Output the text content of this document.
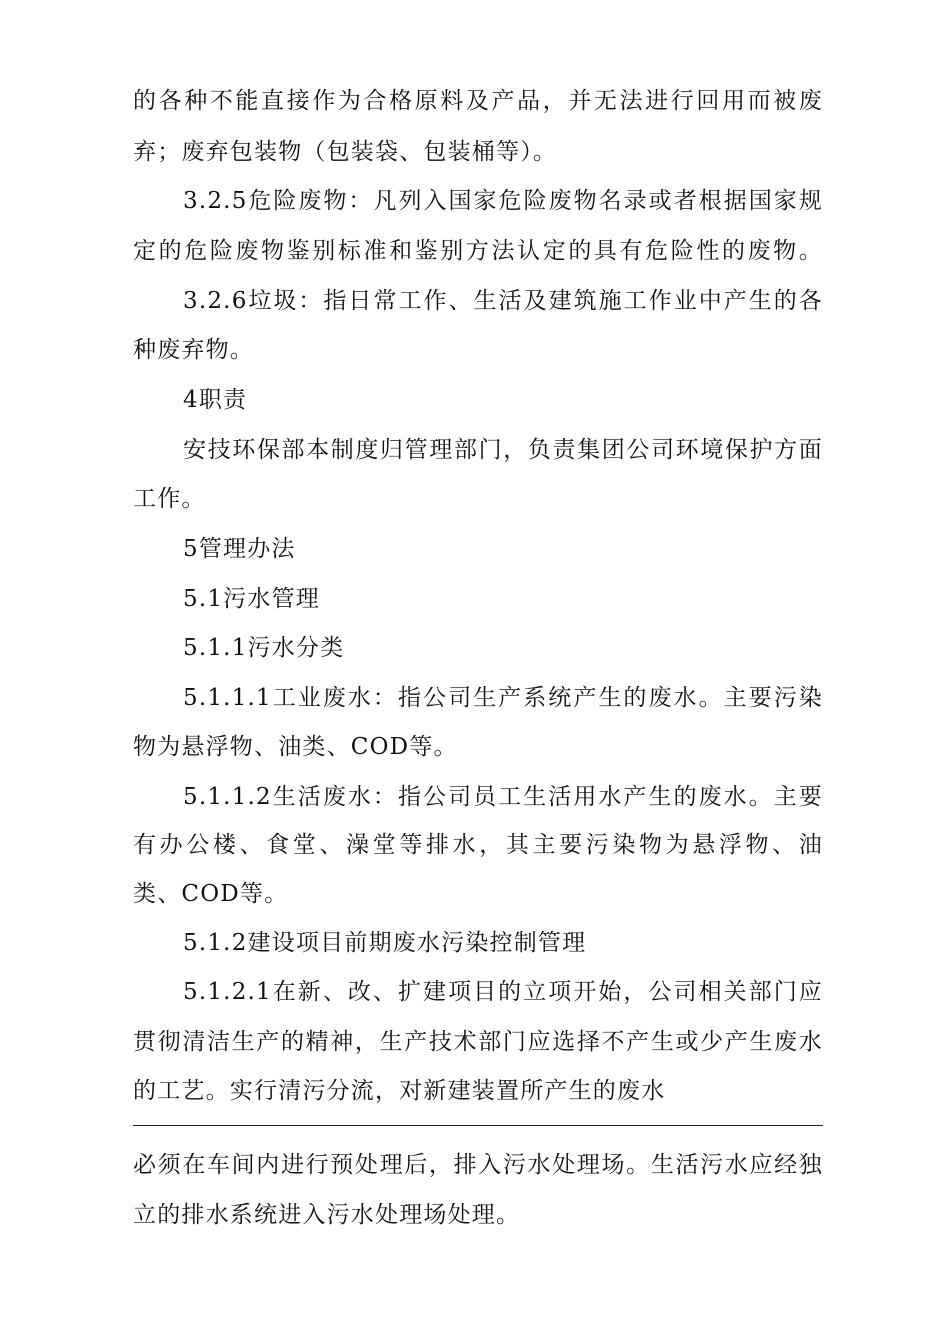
的各种不能直接作为合格原料及产品，并无法进行回用而被废
弃；废弃包装物（包装袋、包装桶等）。
3.2.5危险废物：凡列入国家危险废物名录或者根据国家规
定的危险废物鉴别标准和鉴别方法认定的具有危险性的废物。
3.2.6垃圾：指日常工作、生活及建筑施工作业中产生的各
种废弃物。
4职责
安技环保部本制度归管理部门，负责集团公司环境保护方面
工作。
5管理办法
5.1污水管理
5.1.1污水分类
5.1.1.1工业废水：指公司生产系统产生的废水。主要污染
物为悬浮物、油类、COD等。
5.1.1.2生活废水：指公司员工生活用水产生的废水。主要
有办公楼、食堂、澡堂等排水，其主要污染物为悬浮物、油
类、COD等。
5.1.2建设项目前期废水污染控制管理
5.1.2.1在新、改、扩建项目的立项开始，公司相关部门应
贯彻清洁生产的精神，生产技术部门应选择不产生或少产生废水
的工艺。实行清污分流，对新建装置所产生的废水
必须在车间内进行预处理后，排入污水处理场。生活污水应经独
立的排水系统进入污水处理场处理。
